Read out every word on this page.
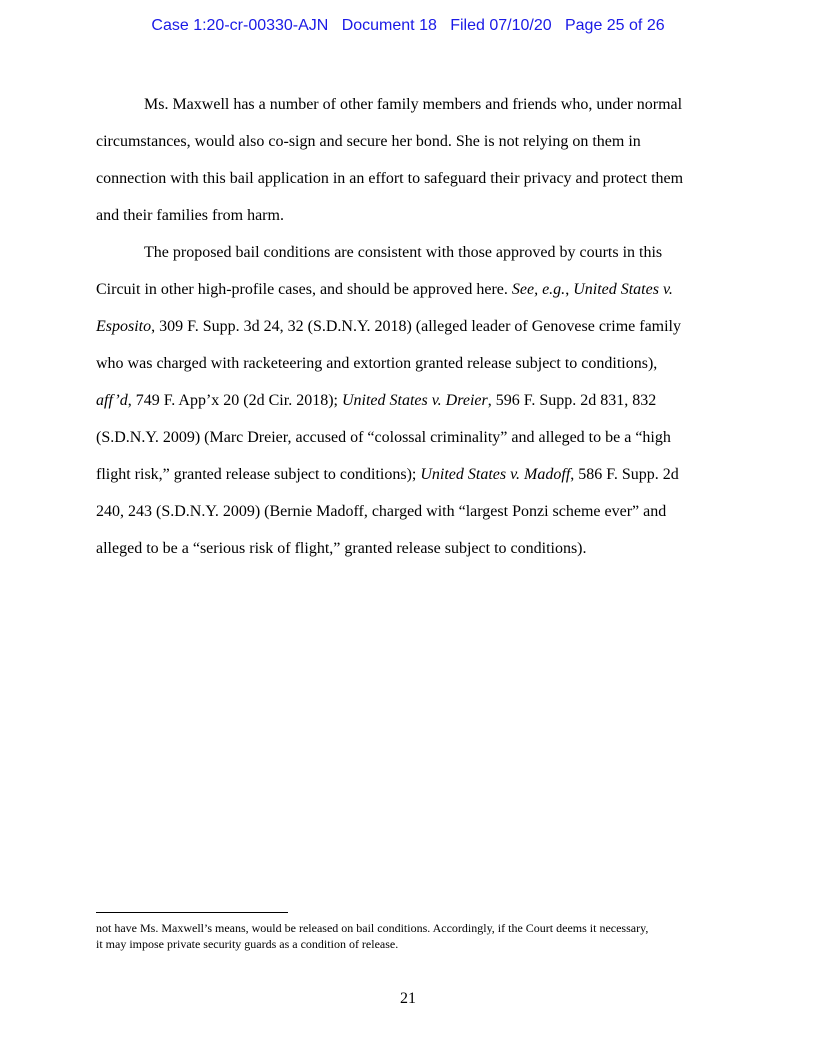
Case 1:20-cr-00330-AJN Document 18 Filed 07/10/20 Page 25 of 26
Ms. Maxwell has a number of other family members and friends who, under normal
circumstances, would also co-sign and secure her bond. She is not relying on them in
connection with this bail application in an effort to safeguard their privacy and protect them
and their families from harm.
The proposed bail conditions are consistent with those approved by courts in this
Circuit in other high-profile cases, and should be approved here. See, e.g., United States v.
Esposito, 309 F. Supp. 3d 24, 32 (S.D.N.Y. 2018) (alleged leader of Genovese crime family
who was charged with racketeering and extortion granted release subject to conditions),
aff’d, 749 F. App’x 20 (2d Cir. 2018); United States v. Dreier, 596 F. Supp. 2d 831, 832
(S.D.N.Y. 2009) (Marc Dreier, accused of “colossal criminality” and alleged to be a “high
flight risk,” granted release subject to conditions); United States v. Madoff, 586 F. Supp. 2d
240, 243 (S.D.N.Y. 2009) (Bernie Madoff, charged with “largest Ponzi scheme ever” and
alleged to be a “serious risk of flight,” granted release subject to conditions).
not have Ms. Maxwell’s means, would be released on bail conditions. Accordingly, if the Court deems it necessary,
it may impose private security guards as a condition of release.
21
